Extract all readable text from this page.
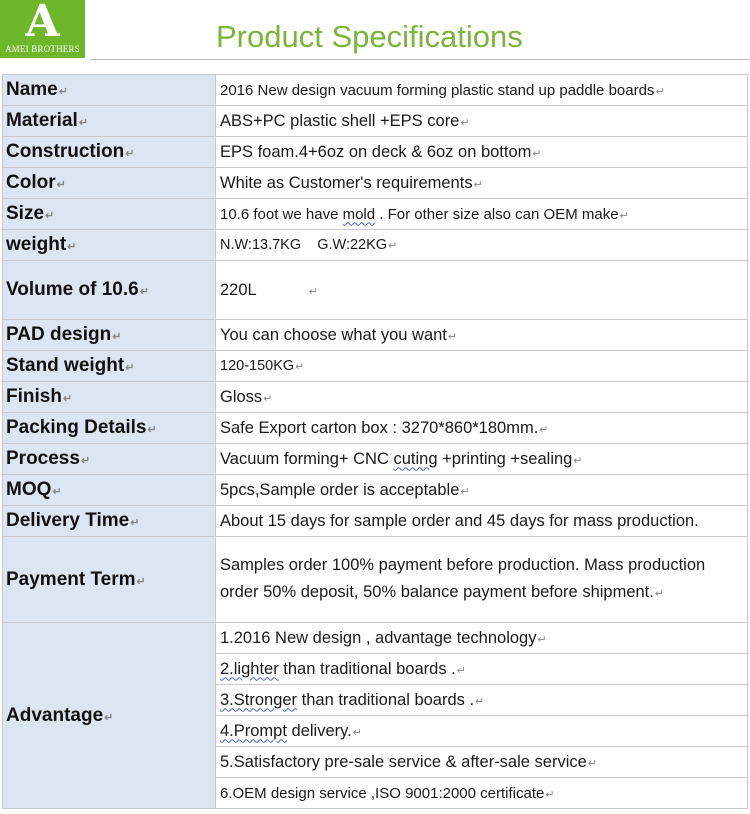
A
AMEI BROTHERS	Product Specifications
Name↵	2016 New design vacuum forming plastic stand up paddle boards↵
Material↵	ABS+PC plastic shell +EPS core↵
Construction↵	EPS foam.4+6oz on deck & 6oz on bottom↵
Color↵	White as Customer's requirements↵
Size↵	10.6 foot we have mold . For other size also can OEM make↵
weight↵	N.W:13.7KG    G.W:22KG↵
Volume of 10.6↵	220L ↵
PAD design↵	You can choose what you want↵
Stand weight↵	120-150KG↵
Finish↵	Gloss↵
Packing Details↵	Safe Export carton box : 3270*860*180mm.↵
Process↵	Vacuum forming+ CNC cuting +printing +sealing↵
MOQ↵	5pcs,Sample order is acceptable↵
Delivery Time↵	About 15 days for sample order and 45 days for mass production.
Payment Term↵	Samples order 100% payment before production. Mass production order 50% deposit, 50% balance payment before shipment.↵
Advantage↵	1.2016 New design , advantage technology↵
	2.lighter than traditional boards .↵
	3.Stronger than traditional boards .↵
	4.Prompt delivery.↵
	5.Satisfactory pre-sale service & after-sale service↵
	6.OEM design service ,ISO 9001:2000 certificate↵
